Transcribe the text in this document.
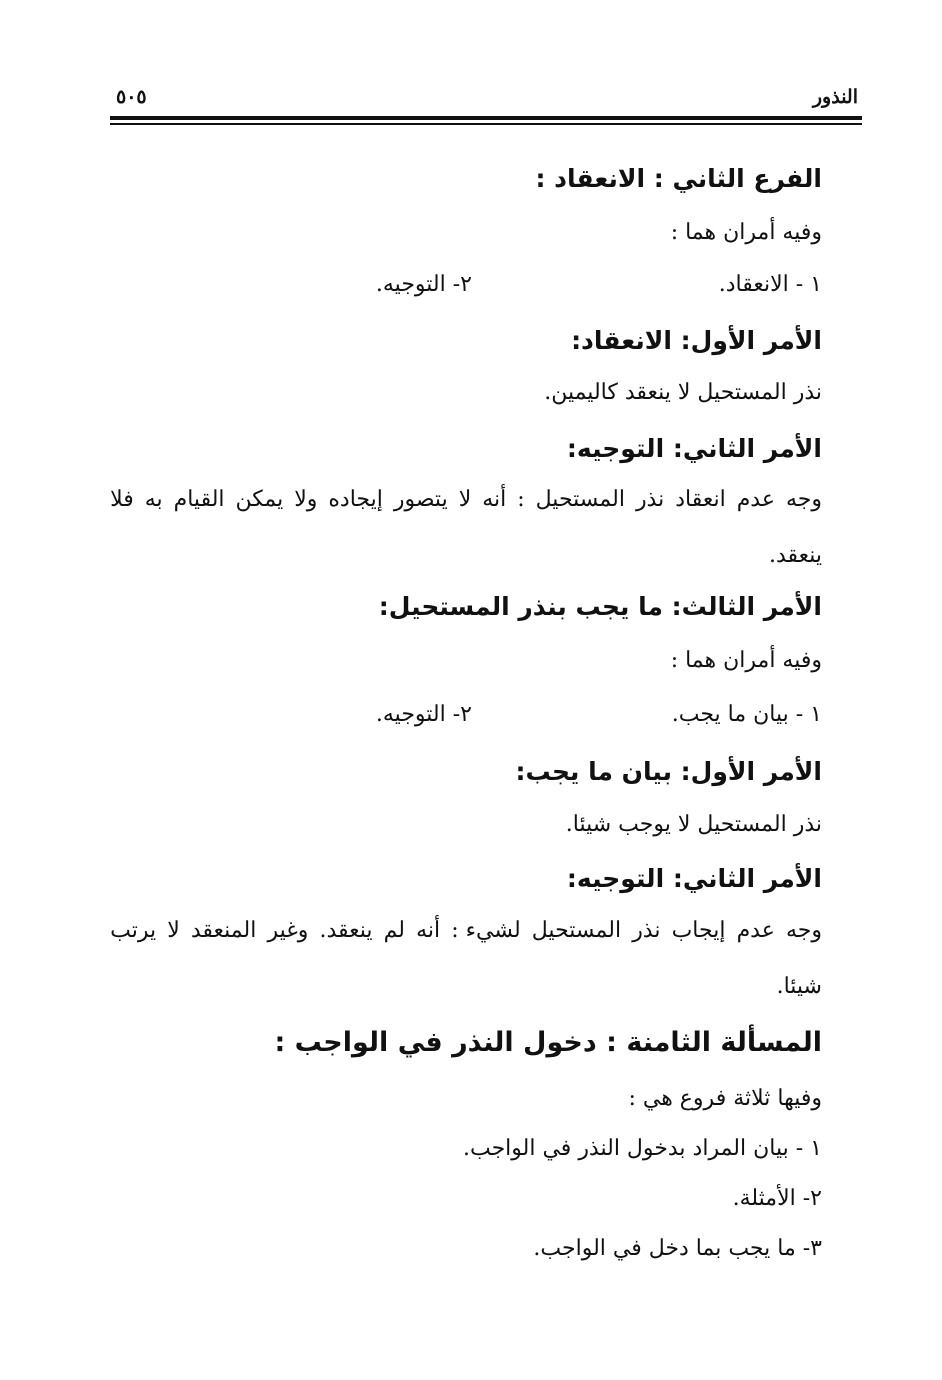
النذور
٥٠٥
الفرع الثاني : الانعقاد :
وفيه أمران هما :
١ - الانعقاد.
٢- التوجيه.
الأمر الأول: الانعقاد:
نذر المستحيل لا ينعقد كاليمين.
الأمر الثاني: التوجيه:
وجه
عدم
انعقاد
نذر
المستحيل
:
أنه
لا
يتصور
إيجاده
ولا
يمكن
القيام
به
فلا
ينعقد.
الأمر الثالث: ما يجب بنذر المستحيل:
وفيه أمران هما :
١ - بيان ما يجب.
٢- التوجيه.
الأمر الأول: بيان ما يجب:
نذر المستحيل لا يوجب شيئا.
الأمر الثاني: التوجيه:
وجه
عدم
إيجاب
نذر
المستحيل
لشيء :
أنه
لم
ينعقد.
وغير
المنعقد
لا
يرتب
شيئا.
المسألة الثامنة : دخول النذر في الواجب :
وفيها ثلاثة فروع هي :
١ - بيان المراد بدخول النذر في الواجب.
٢- الأمثلة.
٣- ما يجب بما دخل في الواجب.
